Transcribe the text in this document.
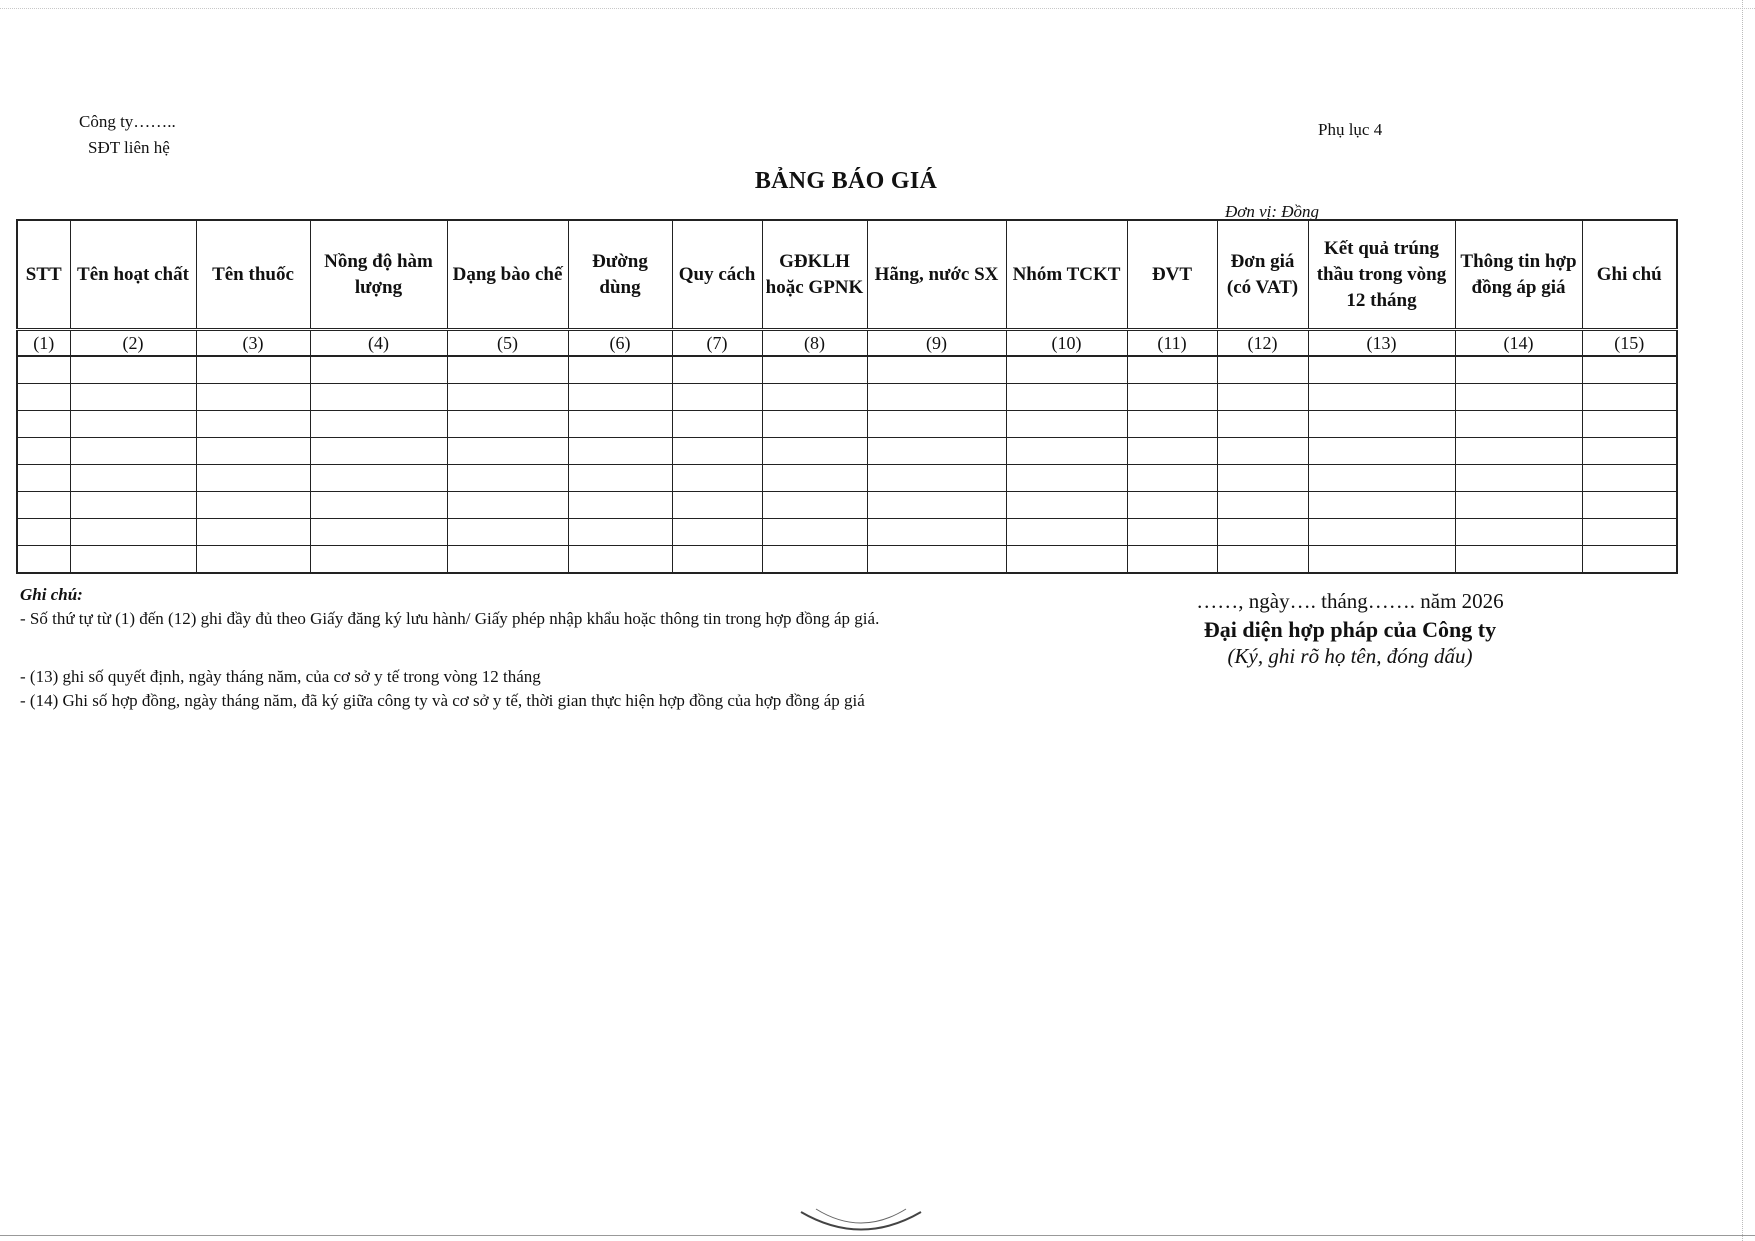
Công ty……..
SĐT liên hệ
Phụ lục 4
BẢNG BÁO GIÁ
Đơn vị: Đồng
STT	Tên hoạt chất	Tên thuốc	Nồng độ hàm lượng	Dạng bào chế	Đường dùng	Quy cách	GĐKLH hoặc GPNK	Hãng, nước SX	Nhóm TCKT	ĐVT	Đơn giá (có VAT)	Kết quả trúng thầu trong vòng 12 tháng	Thông tin hợp đồng áp giá	Ghi chú
(1)	(2)	(3)	(4)	(5)	(6)	(7)	(8)	(9)	(10)	(11)	(12)	(13)	(14)	(15)

Ghi chú:

- Số thứ tự từ (1) đến (12) ghi đầy đủ theo Giấy đăng ký lưu hành/ Giấy phép nhập khẩu hoặc thông tin trong hợp đồng áp giá.

- (13) ghi số quyết định, ngày tháng năm, của cơ sở y tế trong vòng 12 tháng

- (14) Ghi số hợp đồng, ngày tháng năm, đã ký giữa công ty và cơ sở y tế, thời gian thực hiện hợp đồng của hợp đồng áp giá

……, ngày…. tháng……. năm 2026
Đại diện hợp pháp của Công ty
(Ký, ghi rõ họ tên, đóng dấu)
